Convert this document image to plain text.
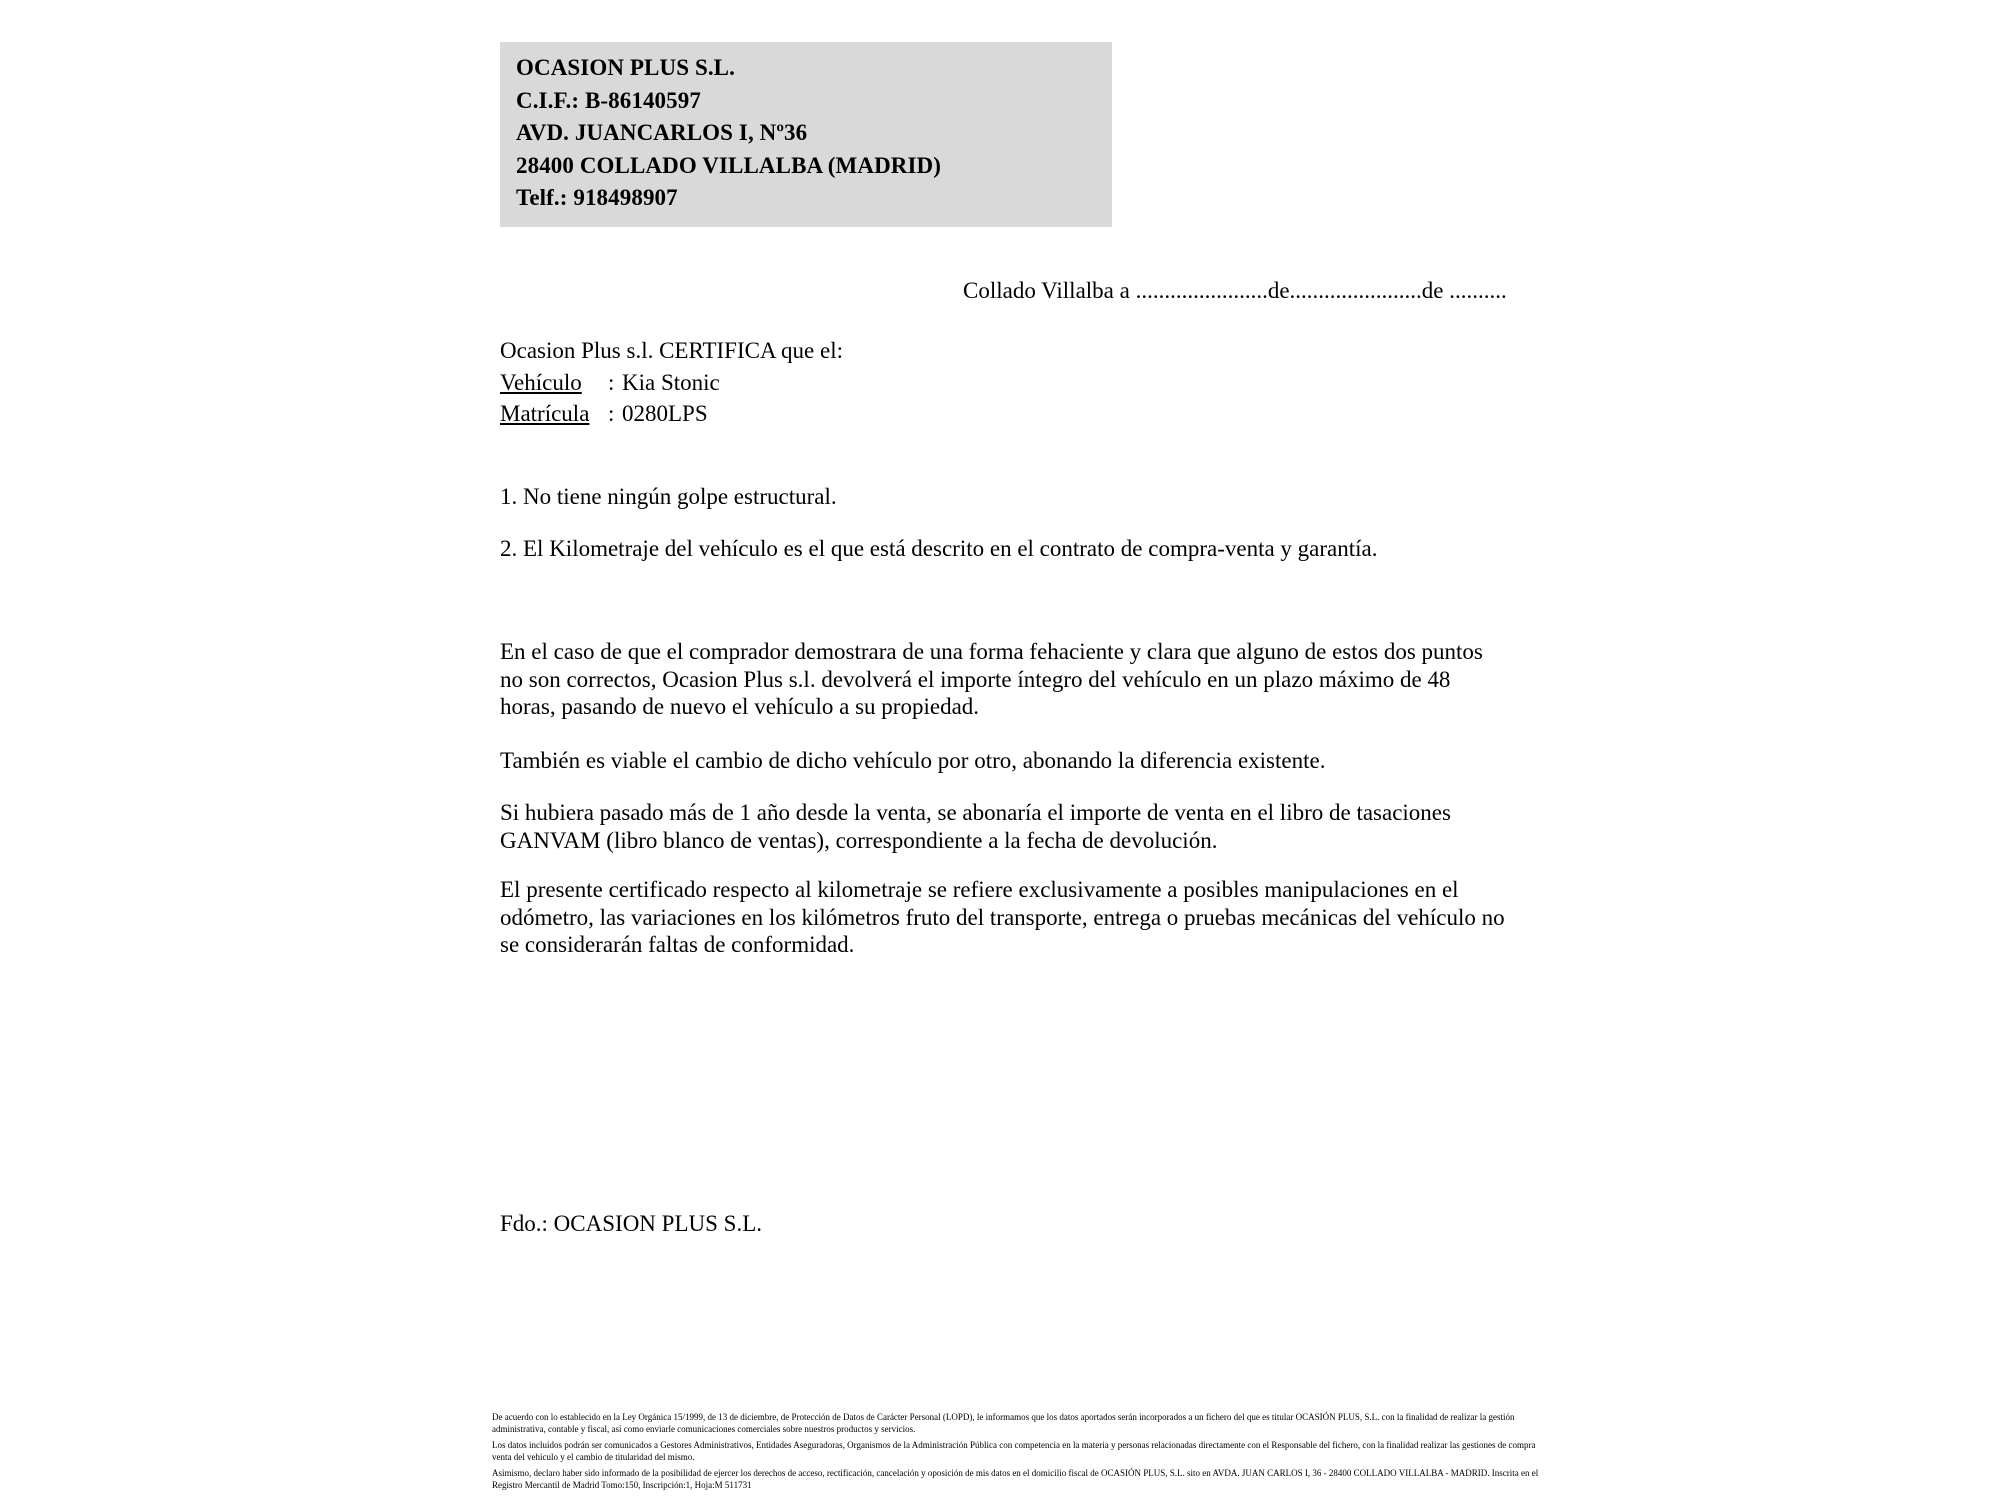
OCASION PLUS S.L.
C.I.F.: B-86140597
AVD. JUANCARLOS I, Nº36
28400 COLLADO VILLALBA (MADRID)
Telf.: 918498907
Collado Villalba a .......................de.......................de ..........
Ocasion Plus s.l. CERTIFICA que el:
Vehículo : Kia Stonic
Matrícula : 0280LPS
1. No tiene ningún golpe estructural.
2. El Kilometraje del vehículo es el que está descrito en el contrato de compra-venta y garantía.
En el caso de que el comprador demostrara de una forma fehaciente y clara que alguno de estos dos puntos no son correctos, Ocasion Plus s.l. devolverá el importe íntegro del vehículo en un plazo máximo de 48 horas, pasando de nuevo el vehículo a su propiedad.
También es viable el cambio de dicho vehículo por otro, abonando la diferencia existente.
Si hubiera pasado más de 1 año desde la venta, se abonaría el importe de venta en el libro de tasaciones GANVAM (libro blanco de ventas), correspondiente a la fecha de devolución.
El presente certificado respecto al kilometraje se refiere exclusivamente a posibles manipulaciones en el odómetro, las variaciones en los kilómetros fruto del transporte, entrega o pruebas mecánicas del vehículo no se considerarán faltas de conformidad.
Fdo.: OCASION PLUS S.L.

De acuerdo con lo establecido en la Ley Orgánica 15/1999, de 13 de diciembre, de Protección de Datos de Carácter Personal (LOPD), le informamos que los datos aportados serán incorporados a un fichero del que es titular OCASIÓN PLUS, S.L. con la finalidad de realizar la gestión administrativa, contable y fiscal, así como enviarle comunicaciones comerciales sobre nuestros productos y servicios.

Los datos incluidos podrán ser comunicados a Gestores Administrativos, Entidades Aseguradoras, Organismos de la Administración Pública con competencia en la materia y personas relacionadas directamente con el Responsable del fichero, con la finalidad realizar las gestiones de compra venta del vehículo y el cambio de titularidad del mismo.

Asimismo, declaro haber sido informado de la posibilidad de ejercer los derechos de acceso, rectificación, cancelación y oposición de mis datos en el domicilio fiscal de OCASIÓN PLUS, S.L. sito en AVDA. JUAN CARLOS I, 36 - 28400 COLLADO VILLALBA - MADRID. Inscrita en el Registro Mercantil de Madrid Tomo:150, Inscripción:1, Hoja:M 511731
